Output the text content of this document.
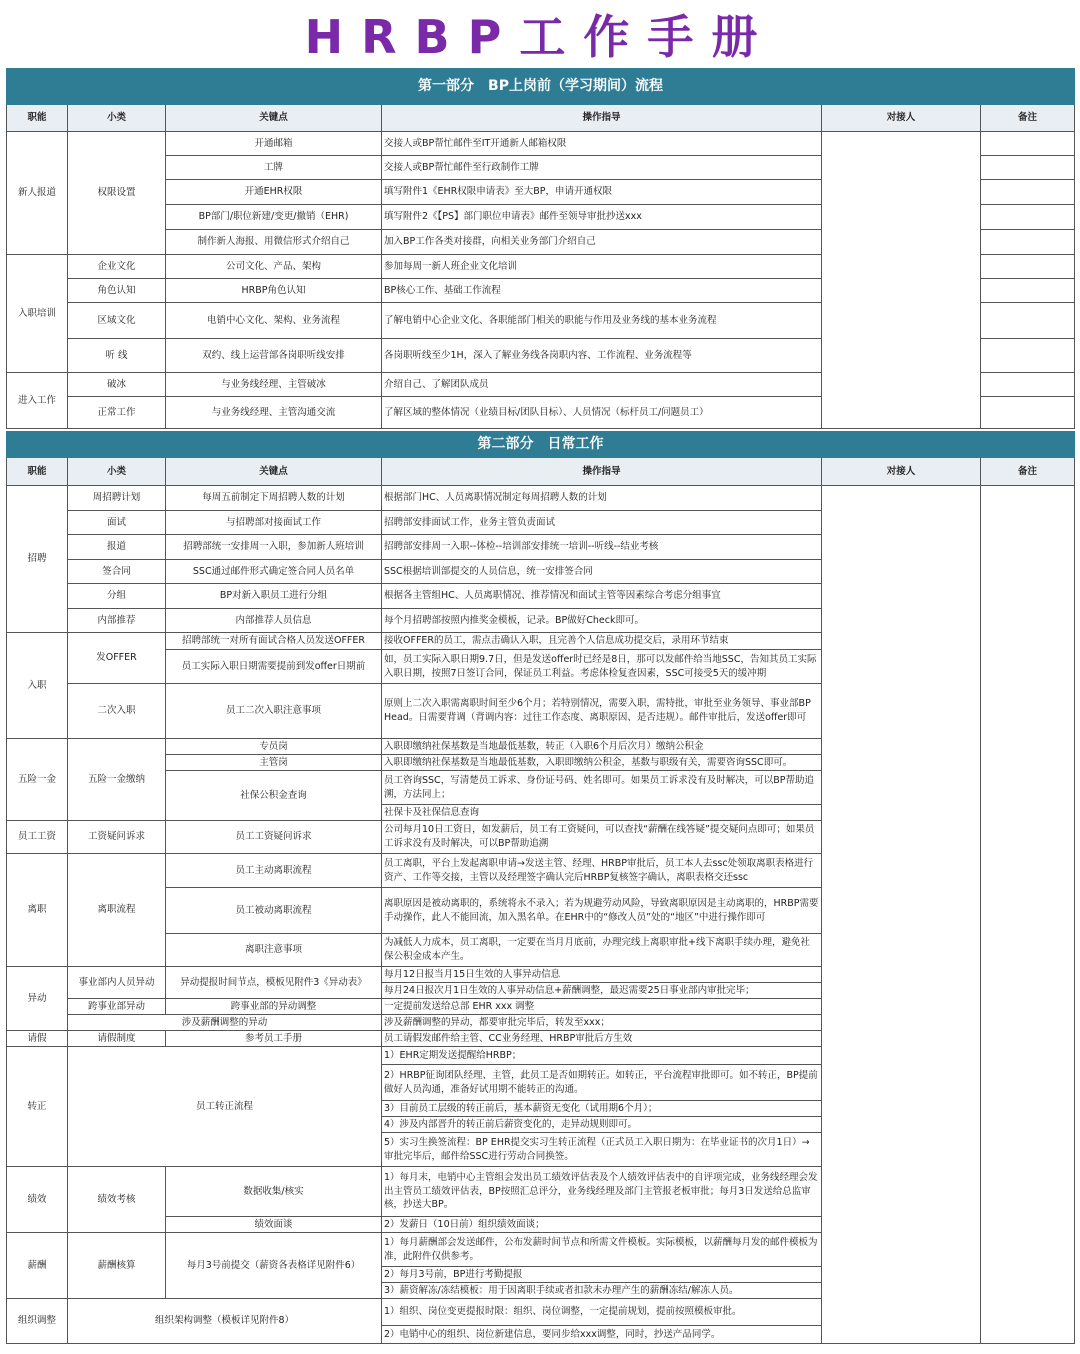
HRBP工作手册
第一部分　BP上岗前（学习期间）流程					
职能	小类	关键点	操作指导	对接人	备注
新人报道	权限设置	开通邮箱	交接人或BP帮忙邮件至IT开通新人邮箱权限		
		工牌	交接人或BP帮忙邮件至行政制作工牌		
		开通EHR权限	填写附件1《EHR权限申请表》至大BP，申请开通权限		
		BP部门/职位新建/变更/撤销（EHR)	填写附件2《【PS】部门职位申请表》邮件至领导审批抄送xxx		
		制作新人海报、用微信形式介绍自己	加入BP工作各类对接群，向相关业务部门介绍自己		
入职培训	企业文化	公司文化、产品、架构	参加每周一新人班企业文化培训		
	角色认知	HRBP角色认知	BP核心工作、基础工作流程		
	区域文化	电销中心文化、架构、业务流程	了解电销中心企业文化、各职能部门相关的职能与作用及业务线的基本业务流程		
	听 线	双约、线上运营部各岗职听线安排	各岗职听线至少1H，深入了解业务线各岗职内容、工作流程、业务流程等		
进入工作	破冰	与业务线经理、主管破冰	介绍自己、了解团队成员		
	正常工作	与业务线经理、主管沟通交流	了解区域的整体情况（业绩目标/团队目标）、人员情况（标杆员工/问题员工）		
第二部分　日常工作					
职能	小类	关键点	操作指导	对接人	备注
招聘	周招聘计划	每周五前制定下周招聘人数的计划	根据部门HC、人员离职情况制定每周招聘人数的计划		
	面试	与招聘部对接面试工作	招聘部安排面试工作，业务主管负责面试		
	报道	招聘部统一安排周一入职，参加新人班培训	招聘部安排周一入职--体检--培训部安排统一培训--听线--结业考核		
	签合同	SSC通过邮件形式确定签合同人员名单	SSC根据培训部提交的人员信息，统一安排签合同		
	分组	BP对新入职员工进行分组	根据各主管组HC、人员离职情况、推荐情况和面试主管等因素综合考虑分组事宜		
	内部推荐	内部推荐人员信息	每个月招聘部按照内推奖金模板，记录。BP做好Check即可。		
入职	发OFFER	招聘部统一对所有面试合格人员发送OFFER	接收OFFER的员工，需点击确认入职，且完善个人信息成功提交后，录用环节结束		
		员工实际入职日期需要提前到发offer日期前	如，员工实际入职日期9.7日，但是发送offer时已经是8日，那可以发邮件给当地SSC，告知其员工实际入职日期，按照7日签订合同，保证员工利益。考虑体检复查因素，SSC可接受5天的缓冲期		
	二次入职	员工二次入职注意事项	原则上二次入职需离职时间至少6个月；若特别情况，需要入职，需特批，审批至业务领导、事业部BP Head。日需要背调（背调内容：过往工作态度、离职原因、是否违规）。邮件审批后，发送offer即可		
五险一金	五险一金缴纳	专员岗	入职即缴纳社保基数是当地最低基数，转正（入职6个月后次月）缴纳公积金		
		主管岗	入职即缴纳社保基数是当地最低基数，入职即缴纳公积金，基数与职级有关，需要咨询SSC即可。		
		社保公积金查询	员工咨询SSC，写清楚员工诉求、身份证号码、姓名即可。如果员工诉求没有及时解决，可以BP帮助追溯，方法同上；		
			社保卡及社保信息查询		
员工工资	工资疑问诉求	员工工资疑问诉求	公司每月10日工资日，如发薪后，员工有工资疑问，可以查找“薪酬在线答疑”提交疑问点即可；如果员工诉求没有及时解决，可以BP帮助追溯		
离职	离职流程	员工主动离职流程	员工离职，平台上发起离职申请→发送主管、经理、HRBP审批后，员工本人去ssc处领取离职表格进行资产、工作等交接，主管以及经理签字确认完后HRBP复核签字确认，离职表格交还ssc		
		员工被动离职流程	离职原因是被动离职的，系统将永不录入；若为规避劳动风险，导致离职原因是主动离职的，HRBP需要手动操作，此人不能回流，加入黑名单。在EHR中的“修改人员”处的“地区”中进行操作即可		
		离职注意事项	为减低人力成本，员工离职，一定要在当月月底前，办理完线上离职审批+线下离职手续办理，避免社保公积金成本产生。		
异动	事业部内人员异动	异动提报时间节点，模板见附件3《异动表》	每月12日报当月15日生效的人事异动信息		
			每月24日报次月1日生效的人事异动信息+薪酬调整，最迟需要25日事业部内审批完毕；		
	跨事业部异动	跨事业部的异动调整	一定提前发送给总部 EHR xxx 调整		
	涉及薪酬调整的异动		涉及薪酬调整的异动，都要审批完毕后，转发至xxx；		
请假	请假制度	参考员工手册	员工请假发邮件给主管、CC业务经理、HRBP审批后方生效		
转正	员工转正流程		1）EHR定期发送提醒给HRBP；		
			2）HRBP征询团队经理、主管，此员工是否如期转正。如转正，平台流程审批即可。如不转正，BP提前做好人员沟通，准备好试用期不能转正的沟通。		
			3）目前员工层级的转正前后，基本薪资无变化（试用期6个月）；		
			4）涉及内部晋升的转正前后薪资变化的，走异动规则即可。		
			5）实习生换签流程：BP EHR提交实习生转正流程（正式员工入职日期为：在毕业证书的次月1日）→审批完毕后，邮件给SSC进行劳动合同换签。		
绩效	绩效考核	数据收集/核实	1）每月末，电销中心主管组会发出员工绩效评估表及个人绩效评估表中的自评项完成，业务线经理会发出主管员工绩效评估表，BP按照汇总评分，业务线经理及部门主管报老板审批；每月3日发送给总监审核，抄送大BP。		
		绩效面谈	2）发薪日（10日前）组织绩效面谈；		
薪酬	薪酬核算	每月3号前提交（薪资各表格详见附件6）	1）每月薪酬部会发送邮件，公布发薪时间节点和所需文件模板。实际模板，以薪酬每月发的邮件模板为准，此附件仅供参考。		
			2）每月3号前，BP进行考勤提报		
			3）薪资解冻/冻结模板：用于因离职手续或者扣款未办理产生的薪酬冻结/解冻人员。		
组织调整	组织架构调整（模板详见附件8）		1）组织、岗位变更提报时限：组织、岗位调整，一定提前规划，提前按照模板审批。		
			2）电销中心的组织、岗位新建信息，要同步给xxx调整，同时，抄送产品同学。		
